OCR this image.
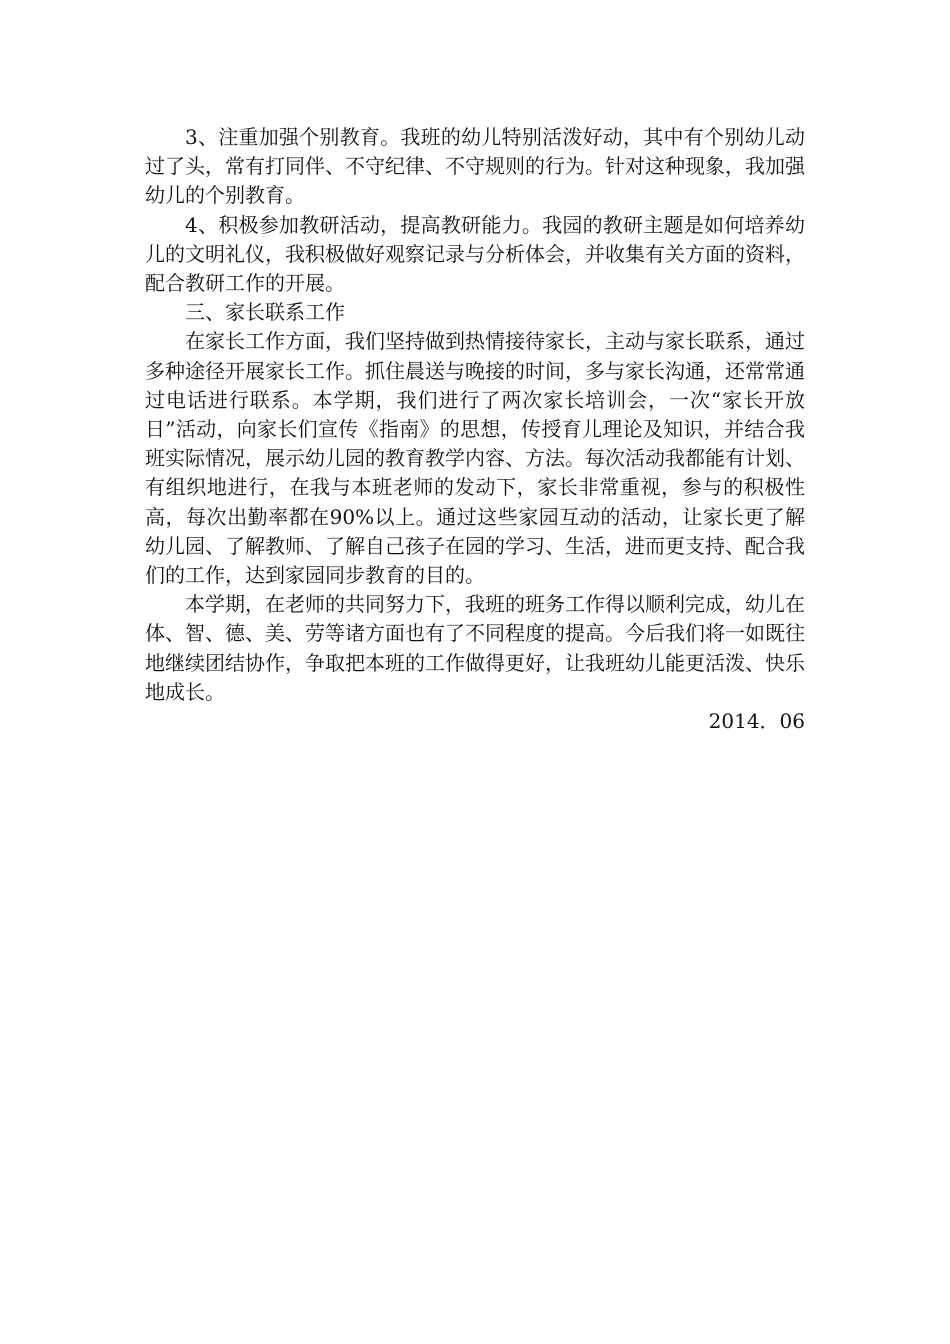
3、注重加强个别教育。我班的幼儿特别活泼好动，其中有个别幼儿动过了头，常有打同伴、不守纪律、不守规则的行为。针对这种现象，我加强幼儿的个别教育。

4、积极参加教研活动，提高教研能力。我园的教研主题是如何培养幼儿的文明礼仪，我积极做好观察记录与分析体会，并收集有关方面的资料，配合教研工作的开展。

三、家长联系工作

在家长工作方面，我们坚持做到热情接待家长，主动与家长联系，通过多种途径开展家长工作。抓住晨送与晚接的时间，多与家长沟通，还常常通过电话进行联系。本学期，我们进行了两次家长培训会，一次“家长开放日”活动，向家长们宣传《指南》的思想，传授育儿理论及知识，并结合我班实际情况，展示幼儿园的教育教学内容、方法。每次活动我都能有计划、有组织地进行，在我与本班老师的发动下，家长非常重视，参与的积极性高，每次出勤率都在90%以上。通过这些家园互动的活动，让家长更了解幼儿园、了解教师、了解自己孩子在园的学习、生活，进而更支持、配合我们的工作，达到家园同步教育的目的。

本学期，在老师的共同努力下，我班的班务工作得以顺利完成，幼儿在体、智、德、美、劳等诸方面也有了不同程度的提高。今后我们将一如既往地继续团结协作，争取把本班的工作做得更好，让我班幼儿能更活泼、快乐地成长。

2014．06
